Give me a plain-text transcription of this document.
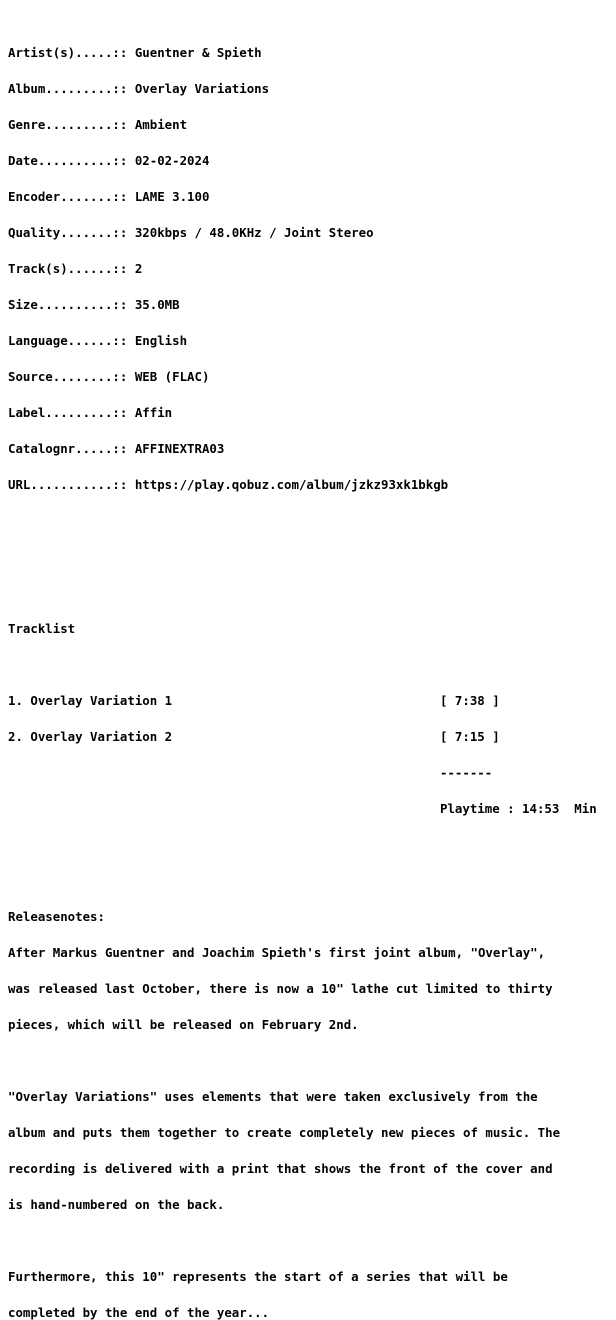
Artist(s).....:: Guentner & Spieth

Album.........:: Overlay Variations

Genre.........:: Ambient

Date..........:: 02-02-2024

Encoder.......:: LAME 3.100

Quality.......:: 320kbps / 48.0KHz / Joint Stereo

Track(s)......:: 2

Size..........:: 35.0MB

Language......:: English

Source........:: WEB (FLAC)

Label.........:: Affin

Catalognr.....:: AFFINEXTRA03

URL...........:: https://play.qobuz.com/album/jzkz93xk1bkgb

Tracklist

1. Overlay Variation 1

	[ 7:38 ]

2. Overlay Variation 2

	[ 7:15 ]

-------

Playtime : 14:53  Min

Releasenotes:

After Markus Guentner and Joachim Spieth's first joint album, "Overlay",

was released last October, there is now a 10" lathe cut limited to thirty

pieces, which will be released on February 2nd.

"Overlay Variations" uses elements that were taken exclusively from the

album and puts them together to create completely new pieces of music. The

recording is delivered with a print that shows the front of the cover and

is hand-numbered on the back.

Furthermore, this 10" represents the start of a series that will be

completed by the end of the year...
